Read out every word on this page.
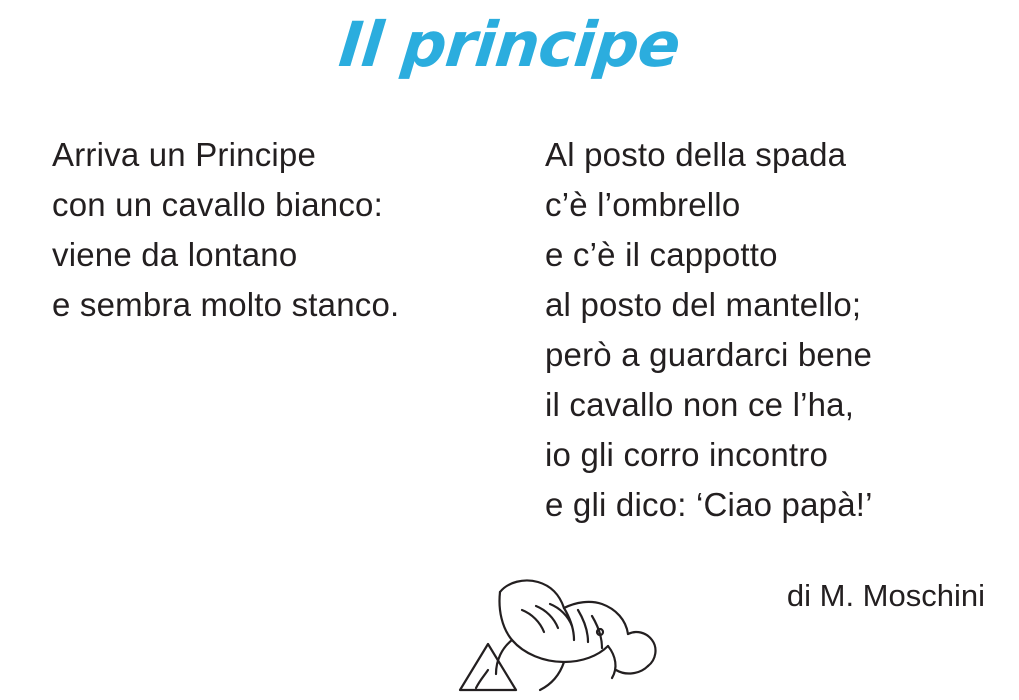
Il principe
Arriva un Principe
con un cavallo bianco:
viene da lontano
e sembra molto stanco.
Al posto della spada
c’è l’ombrello
e c’è il cappotto
al posto del mantello;
però a guardarci bene
il cavallo non ce l’ha,
io gli corro incontro
e gli dico: ‘Ciao papà!’
di M. Moschini
